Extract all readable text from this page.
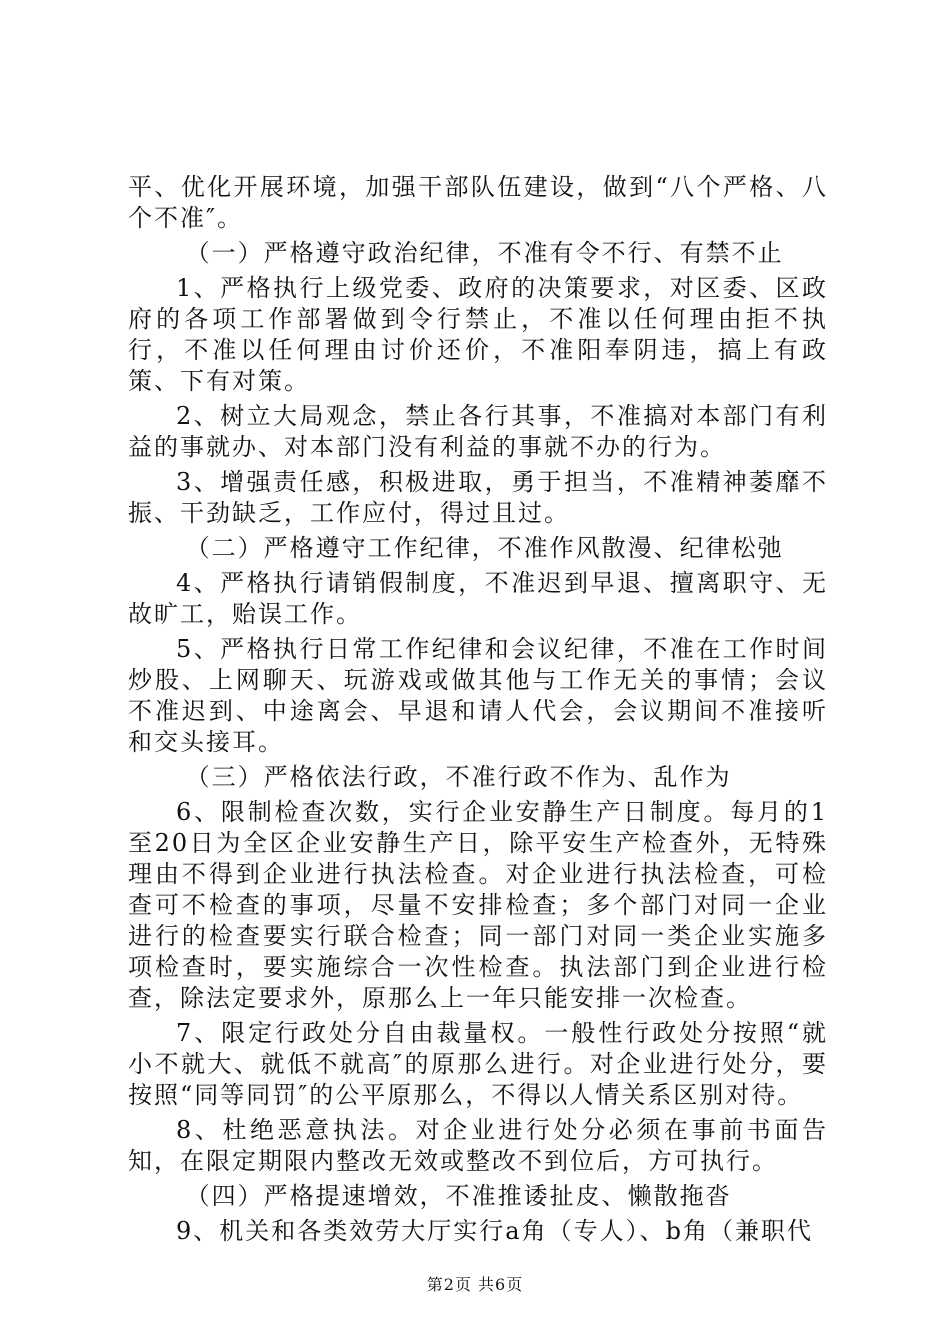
平、优化开展环境，加强干部队伍建设，做到“八个严格、八个不准″。

（一）严格遵守政治纪律，不准有令不行、有禁不止

1、严格执行上级党委、政府的决策要求，对区委、区政府的各项工作部署做到令行禁止，不准以任何理由拒不执行，不准以任何理由讨价还价，不准阳奉阴违，搞上有政策、下有对策。

2、树立大局观念，禁止各行其事，不准搞对本部门有利益的事就办、对本部门没有利益的事就不办的行为。

3、增强责任感，积极进取，勇于担当，不准精神萎靡不振、干劲缺乏，工作应付，得过且过。

（二）严格遵守工作纪律，不准作风散漫、纪律松弛

4、严格执行请销假制度，不准迟到早退、擅离职守、无故旷工，贻误工作。

5、严格执行日常工作纪律和会议纪律，不准在工作时间炒股、上网聊天、玩游戏或做其他与工作无关的事情；会议不准迟到、中途离会、早退和请人代会，会议期间不准接听　　和交头接耳。

（三）严格依法行政，不准行政不作为、乱作为

6、限制检查次数，实行企业安静生产日制度。每月的1至20日为全区企业安静生产日，除平安生产检查外，无特殊理由不得到企业进行执法检查。对企业进行执法检查，可检查可不检查的事项，尽量不安排检查；多个部门对同一企业进行的检查要实行联合检查；同一部门对同一类企业实施多项检查时，要实施综合一次性检查。执法部门到企业进行检查，除法定要求外，原那么上一年只能安排一次检查。

7、限定行政处分自由裁量权。一般性行政处分按照“就小不就大、就低不就高″的原那么进行。对企业进行处分，要按照“同等同罚″的公平原那么，不得以人情关系区别对待。

8、杜绝恶意执法。对企业进行处分必须在事前书面告知，在限定期限内整改无效或整改不到位后，方可执行。

（四）严格提速增效，不准推诿扯皮、懒散拖沓

9、机关和各类效劳大厅实行a角（专人）、b角（兼职代

第2页 共6页
